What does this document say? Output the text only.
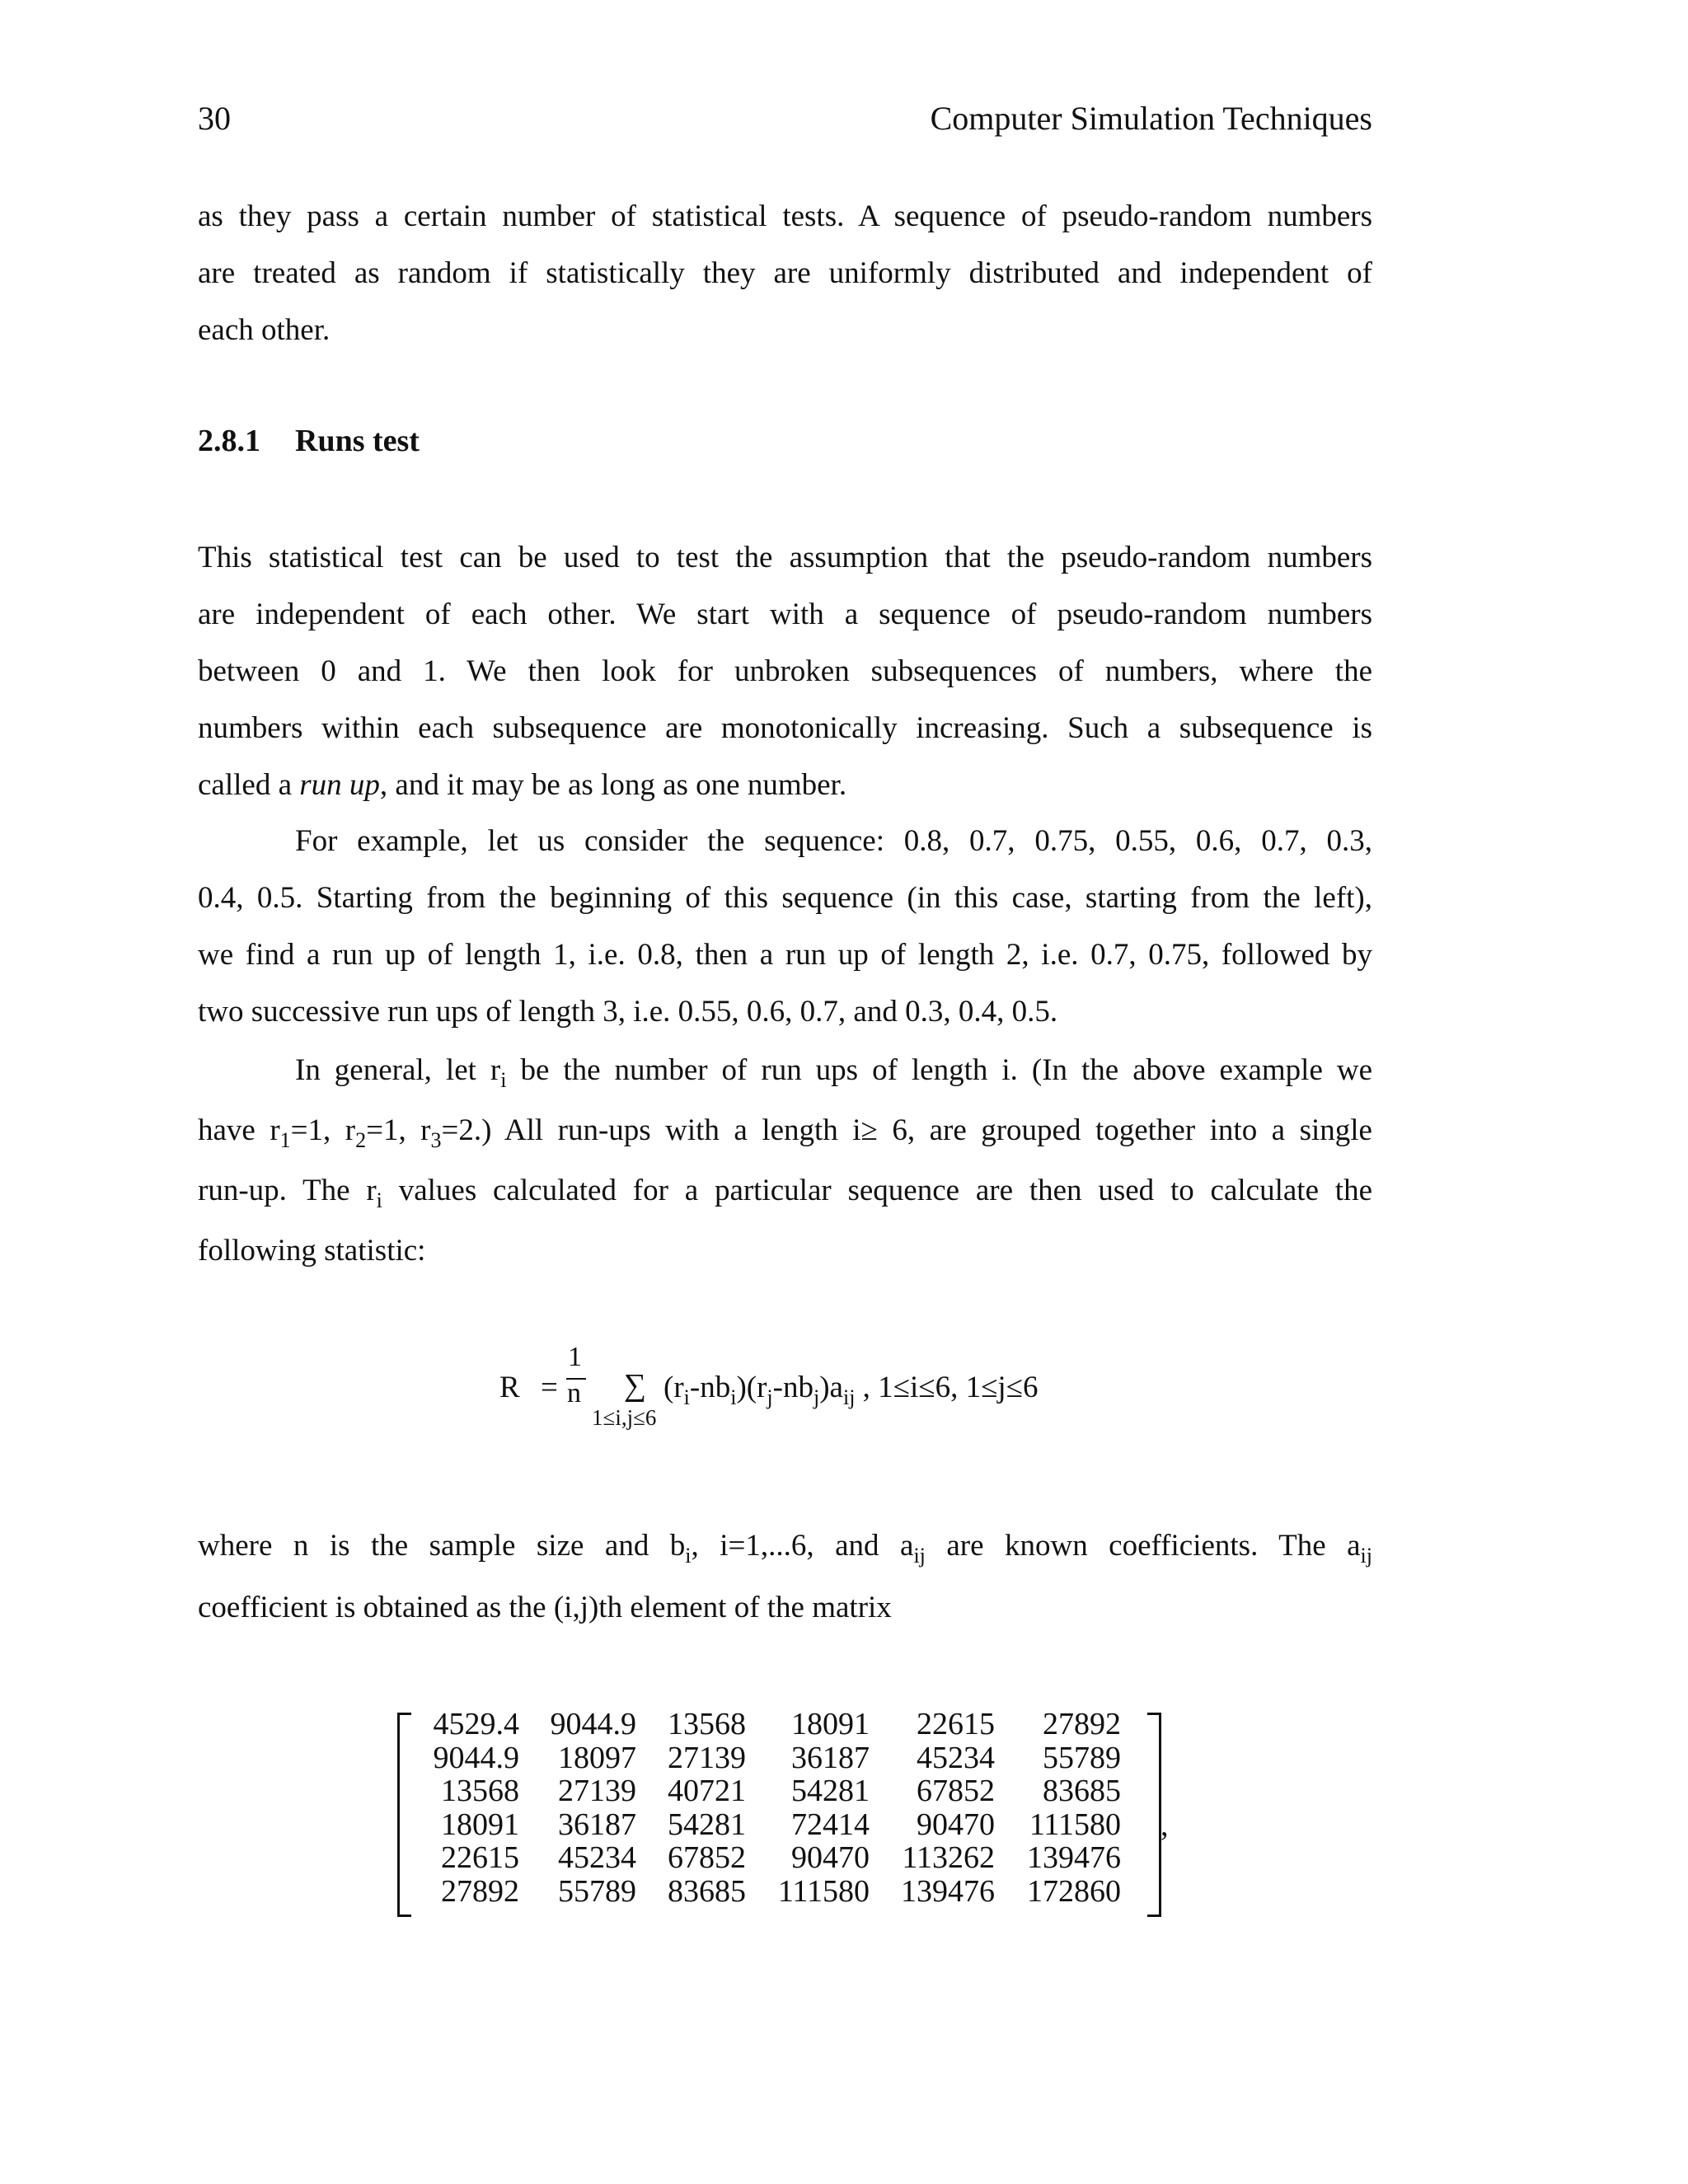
30	Computer Simulation Techniques
as they pass a certain number of statistical tests. A sequence of pseudo-random numbers
are treated as random if statistically they are uniformly distributed and independent of
each other.
2.8.1 Runs test
This statistical test can be used to test the assumption that the pseudo-random numbers
are independent of each other. We start with a sequence of pseudo-random numbers
between 0 and 1. We then look for unbroken subsequences of numbers, where the
numbers within each subsequence are monotonically increasing. Such a subsequence is
called a run up, and it may be as long as one number.
For example, let us consider the sequence: 0.8, 0.7, 0.75, 0.55, 0.6, 0.7, 0.3,
0.4, 0.5. Starting from the beginning of this sequence (in this case, starting from the left),
we find a run up of length 1, i.e. 0.8, then a run up of length 2, i.e. 0.7, 0.75, followed by
two successive run ups of length 3, i.e. 0.55, 0.6, 0.7, and 0.3, 0.4, 0.5.
In general, let $r_i$ be the number of run ups of length i. (In the above example we
have $r_1=1$, $r_2=1$, $r_3=2$.) All run-ups with a length i≥ 6, are grouped together into a single
run-up. The $r_i$ values calculated for a particular sequence are then used to calculate the
following statistic:
R =
1
n ∑
1≤i,j≤6
$(r_i-nb_i)(r_j-nb_j)a_{ij}$ , 1≤i≤6, 1≤j≤6
where n is the sample size and $b_i$, i=1,...6, and $a_{ij}$ are known coefficients. The $a_{ij}$
coefficient is obtained as the (i,j)th element of the matrix
4529.4	9044.9	13568	18091	22615	27892
9044.9	18097	27139	36187	45234	55789
13568	27139	40721	54281	67852	83685
18091	36187	54281	72414	90470	111580
22615	45234	67852	90470	113262	139476
27892	55789	83685	111580	139476	172860
,
